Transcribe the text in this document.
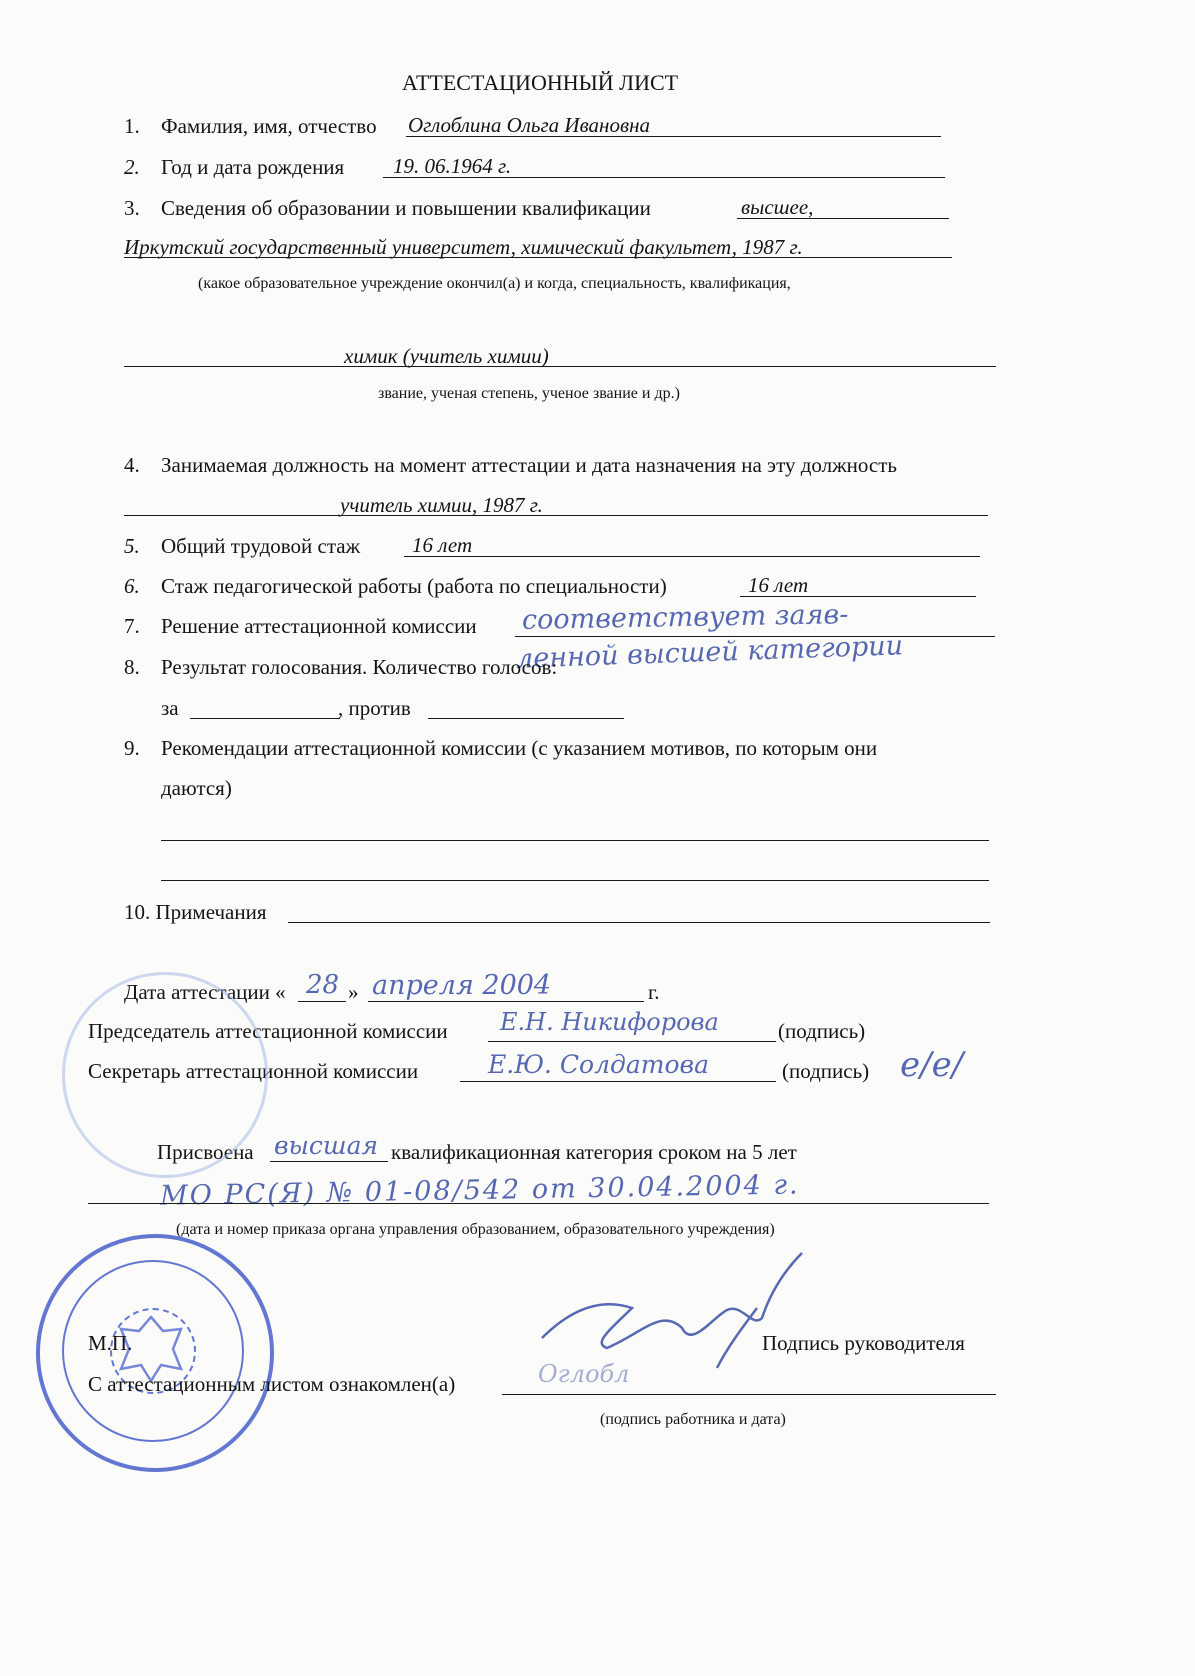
АТТЕСТАЦИОННЫЙ ЛИСТ
1. Фамилия, имя, отчество Оглоблина Ольга Ивановна
2. Год и дата рождения 19. 06.1964 г.
3. Сведения об образовании и повышении квалификации	высшее,
Иркутский государственный университет, химический факультет, 1987 г.
(какое образовательное учреждение окончил(а) и когда, специальность, квалификация,
химик (учитель химии)
звание, ученая степень, ученое звание и др.)
4. Занимаемая должность на момент аттестации и дата назначения на эту должность
учитель химии, 1987 г.
5. Общий трудовой стаж 16 лет
6. Стаж педагогической работы (работа по специальности)	16 лет
7. Решение аттестационной комиссии соответствует заяв-
ленной высшей категории
8. Результат голосования. Количество голосов:
за	, против
9. Рекомендации аттестационной комиссии (с указанием мотивов, по которым они
даются)
10. Примечания
Дата аттестации « 28 » апреля 2004	г.
Председатель аттестационной комиссии Е.Н. Никифорова	(подпись)
Секретарь аттестационной комиссии	Е.Ю. Солдатова	(подпись) е/е/
Присвоена высшая квалификационная категория сроком на 5 лет
МО РС(Я) № 01-08/542 от 30.04.2004 г.
(дата и номер приказа органа управления образованием, образовательного учреждения)
М.П.	Подпись руководителя
С аттестационным листом ознакомлен(а)	Оглобл
(подпись работника и дата)
